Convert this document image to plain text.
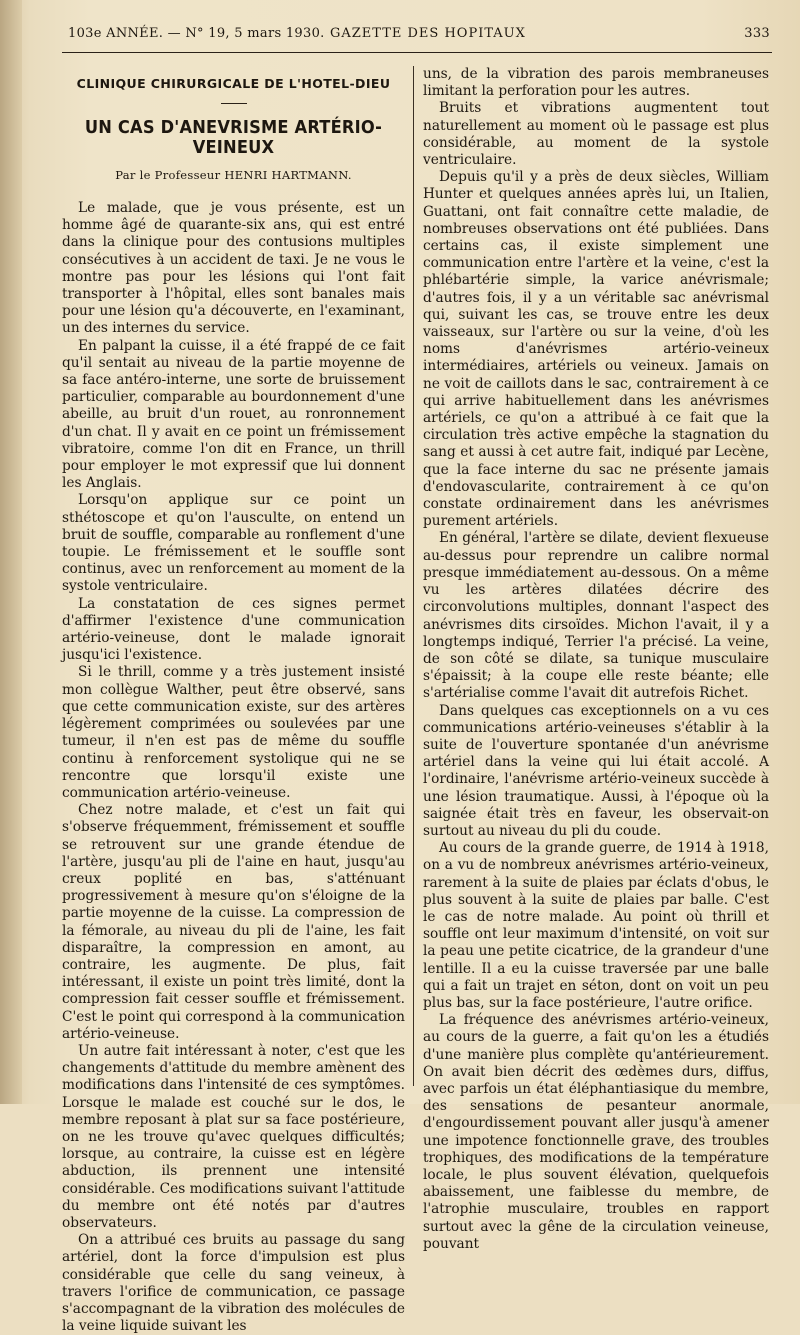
103e ANNÉE. — N° 19, 5 mars 1930. GAZETTE DES HOPITAUX	333
CLINIQUE CHIRURGICALE DE L'HOTEL-DIEU
UN CAS D'ANEVRISME ARTÉRIO-VEINEUX
Par le Professeur HENRI HARTMANN.

Le malade, que je vous présente, est un homme âgé de quarante-six ans, qui est entré dans la clinique pour des contusions multiples consécutives à un accident de taxi. Je ne vous le montre pas pour les lésions qui l'ont fait transporter à l'hôpital, elles sont banales mais pour une lésion qu'a découverte, en l'examinant, un des internes du service.

En palpant la cuisse, il a été frappé de ce fait qu'il sentait au niveau de la partie moyenne de sa face antéro-interne, une sorte de bruissement particulier, comparable au bourdonnement d'une abeille, au bruit d'un rouet, au ronronnement d'un chat. Il y avait en ce point un frémissement vibratoire, comme l'on dit en France, un thrill pour employer le mot expressif que lui donnent les Anglais.

Lorsqu'on applique sur ce point un sthétoscope et qu'on l'ausculte, on entend un bruit de souffle, comparable au ronflement d'une toupie. Le frémissement et le souffle sont continus, avec un renforcement au moment de la systole ventriculaire.

La constatation de ces signes permet d'affirmer l'existence d'une communication artério-veineuse, dont le malade ignorait jusqu'ici l'existence.

Si le thrill, comme y a très justement insisté mon collègue Walther, peut être observé, sans que cette communication existe, sur des artères légèrement comprimées ou soulevées par une tumeur, il n'en est pas de même du souffle continu à renforcement systolique qui ne se rencontre que lorsqu'il existe une communication artério-veineuse.

Chez notre malade, et c'est un fait qui s'observe fréquemment, frémissement et souffle se retrouvent sur une grande étendue de l'artère, jusqu'au pli de l'aine en haut, jusqu'au creux poplité en bas, s'atténuant progressivement à mesure qu'on s'éloigne de la partie moyenne de la cuisse. La compression de la fémorale, au niveau du pli de l'aine, les fait disparaître, la compression en amont, au contraire, les augmente. De plus, fait intéressant, il existe un point très limité, dont la compression fait cesser souffle et frémissement. C'est le point qui correspond à la communication artério-veineuse.

Un autre fait intéressant à noter, c'est que les changements d'attitude du membre amènent des modifications dans l'intensité de ces symptômes. Lorsque le malade est couché sur le dos, le membre reposant à plat sur sa face postérieure, on ne les trouve qu'avec quelques difficultés; lorsque, au contraire, la cuisse est en légère abduction, ils prennent une intensité considérable. Ces modifications suivant l'attitude du membre ont été notés par d'autres observateurs.

On a attribué ces bruits au passage du sang artériel, dont la force d'impulsion est plus considérable que celle du sang veineux, à travers l'orifice de communication, ce passage s'accompagnant de la vibration des molécules de la veine liquide suivant les

uns, de la vibration des parois membraneuses limitant la perforation pour les autres.

Bruits et vibrations augmentent tout naturellement au moment où le passage est plus considérable, au moment de la systole ventriculaire.

Depuis qu'il y a près de deux siècles, William Hunter et quelques années après lui, un Italien, Guattani, ont fait connaître cette maladie, de nombreuses observations ont été publiées. Dans certains cas, il existe simplement une communication entre l'artère et la veine, c'est la phlébartérie simple, la varice anévrismale; d'autres fois, il y a un véritable sac anévrismal qui, suivant les cas, se trouve entre les deux vaisseaux, sur l'artère ou sur la veine, d'où les noms d'anévrismes artério-veineux intermédiaires, artériels ou veineux. Jamais on ne voit de caillots dans le sac, contrairement à ce qui arrive habituellement dans les anévrismes artériels, ce qu'on a attribué à ce fait que la circulation très active empêche la stagnation du sang et aussi à cet autre fait, indiqué par Lecène, que la face interne du sac ne présente jamais d'endovascularite, contrairement à ce qu'on constate ordinairement dans les anévrismes purement artériels.

En général, l'artère se dilate, devient flexueuse au-dessus pour reprendre un calibre normal presque immédiatement au-dessous. On a même vu les artères dilatées décrire des circonvolutions multiples, donnant l'aspect des anévrismes dits cirsoïdes. Michon l'avait, il y a longtemps indiqué, Terrier l'a précisé. La veine, de son côté se dilate, sa tunique musculaire s'épaissit; à la coupe elle reste béante; elle s'artérialise comme l'avait dit autrefois Richet.

Dans quelques cas exceptionnels on a vu ces communications artério-veineuses s'établir à la suite de l'ouverture spontanée d'un anévrisme artériel dans la veine qui lui était accolé. A l'ordinaire, l'anévrisme artério-veineux succède à une lésion traumatique. Aussi, à l'époque où la saignée était très en faveur, les observait-on surtout au niveau du pli du coude.

Au cours de la grande guerre, de 1914 à 1918, on a vu de nombreux anévrismes artério-veineux, rarement à la suite de plaies par éclats d'obus, le plus souvent à la suite de plaies par balle. C'est le cas de notre malade. Au point où thrill et souffle ont leur maximum d'intensité, on voit sur la peau une petite cicatrice, de la grandeur d'une lentille. Il a eu la cuisse traversée par une balle qui a fait un trajet en séton, dont on voit un peu plus bas, sur la face postérieure, l'autre orifice.

La fréquence des anévrismes artério-veineux, au cours de la guerre, a fait qu'on les a étudiés d'une manière plus complète qu'antérieurement. On avait bien décrit des œdèmes durs, diffus, avec parfois un état éléphantiasique du membre, des sensations de pesanteur anormale, d'engourdissement pouvant aller jusqu'à amener une impotence fonctionnelle grave, des troubles trophiques, des modifications de la température locale, le plus souvent élévation, quelquefois abaissement, une faiblesse du membre, de l'atrophie musculaire, troubles en rapport surtout avec la gêne de la circulation veineuse, pouvant
